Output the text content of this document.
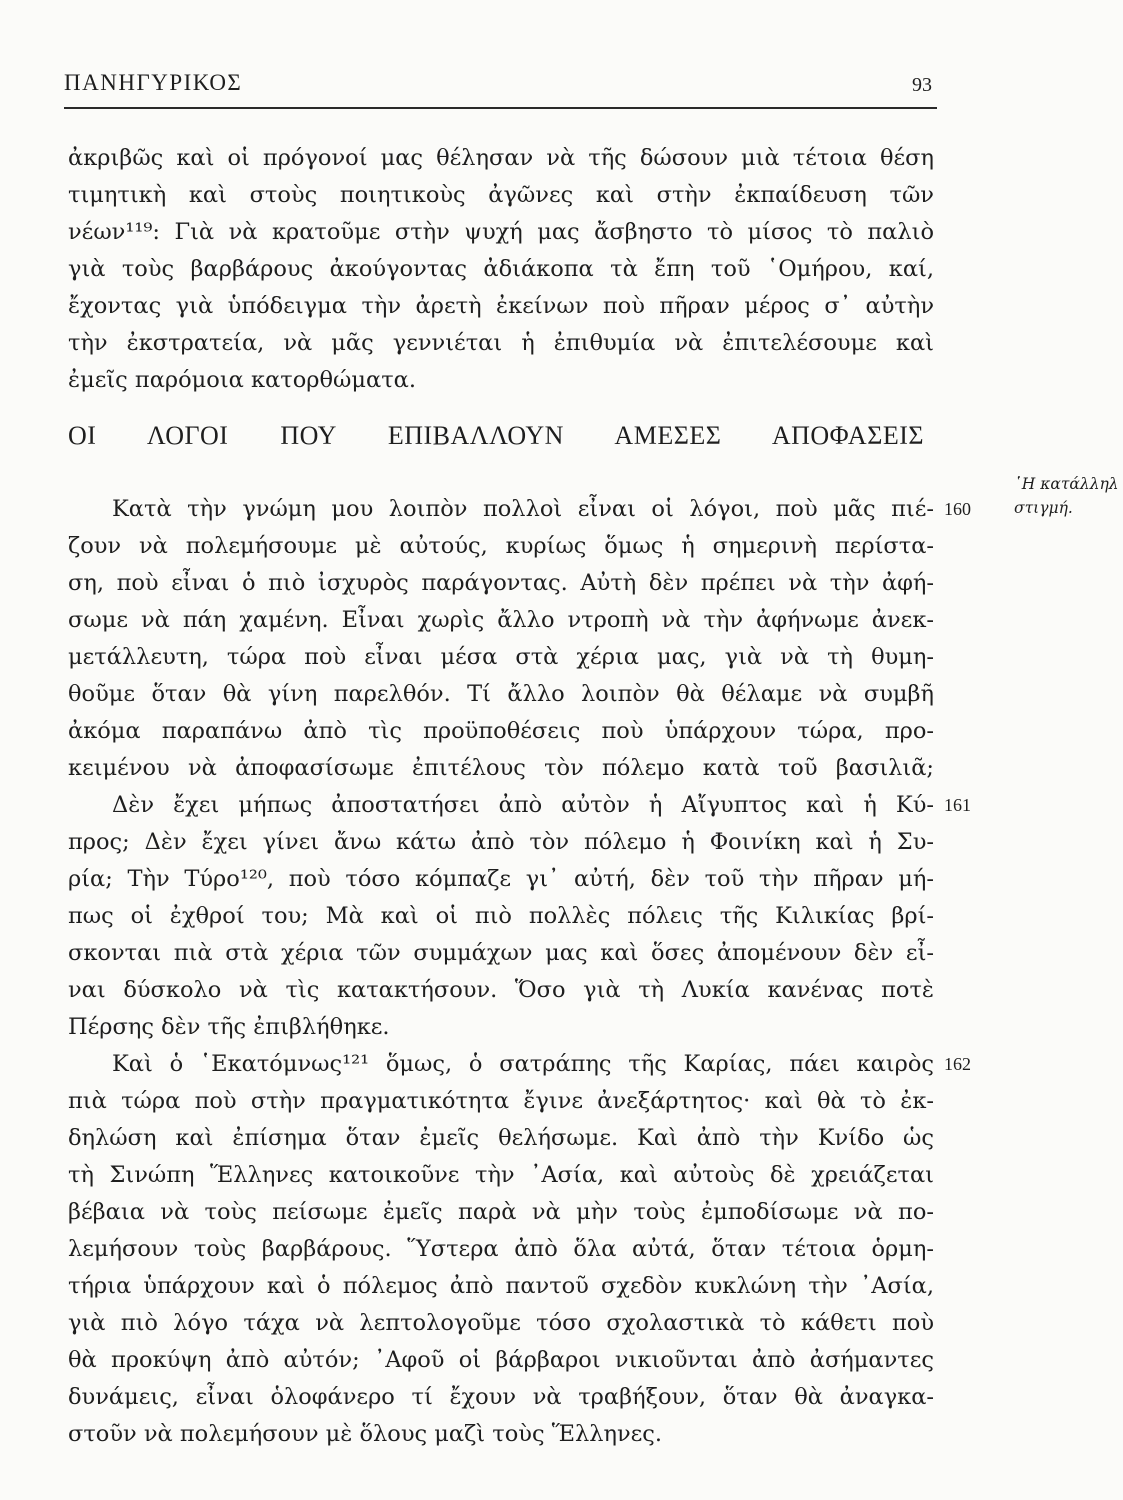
ΠΑΝΗΓΥΡΙΚΟΣ	93
ἀκριβῶς καὶ οἱ πρόγονοί μας θέλησαν νὰ τῆς δώσουν μιὰ τέτοια θέση
τιμητικὴ καὶ στοὺς ποιητικοὺς ἀγῶνες καὶ στὴν ἐκπαίδευση τῶν
νέων¹¹⁹: Γιὰ νὰ κρατοῦμε στὴν ψυχή μας ἄσβηστο τὸ μίσος τὸ παλιὸ
γιὰ τοὺς βαρβάρους ἀκούγοντας ἀδιάκοπα τὰ ἔπη τοῦ ῾Ομήρου, καί,
ἔχοντας γιὰ ὑπόδειγμα τὴν ἀρετὴ ἐκείνων ποὺ πῆραν μέρος σ᾽ αὐτὴν
τὴν ἐκστρατεία, νὰ μᾶς γεννιέται ἡ ἐπιθυμία νὰ ἐπιτελέσουμε καὶ
ἐμεῖς παρόμοια κατορθώματα.
ΟΙ ΛΟΓΟΙ ΠΟΥ ΕΠΙΒΑΛΛΟΥΝ ΑΜΕΣΕΣ ΑΠΟΦΑΣΕΙΣ
Κατὰ τὴν γνώμη μου λοιπὸν πολλοὶ εἶναι οἱ λόγοι, ποὺ μᾶς πιέ-
ζουν νὰ πολεμήσουμε μὲ αὐτούς, κυρίως ὅμως ἡ σημερινὴ περίστα-
ση, ποὺ εἶναι ὁ πιὸ ἰσχυρὸς παράγοντας. Αὐτὴ δὲν πρέπει νὰ τὴν ἀφή-
σωμε νὰ πάη χαμένη. Εἶναι χωρὶς ἄλλο ντροπὴ νὰ τὴν ἀφήνωμε ἀνεκ-
μετάλλευτη, τώρα ποὺ εἶναι μέσα στὰ χέρια μας, γιὰ νὰ τὴ θυμη-
θοῦμε ὅταν θὰ γίνη παρελθόν. Τί ἄλλο λοιπὸν θὰ θέλαμε νὰ συμβῆ
ἀκόμα παραπάνω ἀπὸ τὶς προϋποθέσεις ποὺ ὑπάρχουν τώρα, προ-
κειμένου νὰ ἀποφασίσωμε ἐπιτέλους τὸν πόλεμο κατὰ τοῦ βασιλιᾶ;
Δὲν ἔχει μήπως ἀποστατήσει ἀπὸ αὐτὸν ἡ Αἴγυπτος καὶ ἡ Κύ-
προς; Δὲν ἔχει γίνει ἄνω κάτω ἀπὸ τὸν πόλεμο ἡ Φοινίκη καὶ ἡ Συ-
ρία; Τὴν Τύρο¹²⁰, ποὺ τόσο κόμπαζε γι᾽ αὐτή, δὲν τοῦ τὴν πῆραν μή-
πως οἱ ἐχθροί του; Μὰ καὶ οἱ πιὸ πολλὲς πόλεις τῆς Κιλικίας βρί-
σκονται πιὰ στὰ χέρια τῶν συμμάχων μας καὶ ὅσες ἀπομένουν δὲν εἶ-
ναι δύσκολο νὰ τὶς κατακτήσουν. Ὅσο γιὰ τὴ Λυκία κανένας ποτὲ
Πέρσης δὲν τῆς ἐπιβλήθηκε.
Καὶ ὁ ῾Εκατόμνως¹²¹ ὅμως, ὁ σατράπης τῆς Καρίας, πάει καιρὸς
πιὰ τώρα ποὺ στὴν πραγματικότητα ἔγινε ἀνεξάρτητος· καὶ θὰ τὸ ἐκ-
δηλώση καὶ ἐπίσημα ὅταν ἐμεῖς θελήσωμε. Καὶ ἀπὸ τὴν Κνίδο ὡς
τὴ Σινώπη Ἕλληνες κατοικοῦνε τὴν ᾿Ασία, καὶ αὐτοὺς δὲ χρειάζεται
βέβαια νὰ τοὺς πείσωμε ἐμεῖς παρὰ νὰ μὴν τοὺς ἐμποδίσωμε νὰ πο-
λεμήσουν τοὺς βαρβάρους. Ὕστερα ἀπὸ ὅλα αὐτά, ὅταν τέτοια ὁρμη-
τήρια ὑπάρχουν καὶ ὁ πόλεμος ἀπὸ παντοῦ σχεδὸν κυκλώνη τὴν ᾿Ασία,
γιὰ πιὸ λόγο τάχα νὰ λεπτολογοῦμε τόσο σχολαστικὰ τὸ κάθετι ποὺ
θὰ προκύψη ἀπὸ αὐτόν; ᾿Αφοῦ οἱ βάρβαροι νικιοῦνται ἀπὸ ἀσήμαντες
δυνάμεις, εἶναι ὁλοφάνερο τί ἔχουν νὰ τραβήξουν, ὅταν θὰ ἀναγκα-
στοῦν νὰ πολεμήσουν μὲ ὅλους μαζὶ τοὺς Ἕλληνες.
160
161
162
῾Η κατάλληλ
στιγμή.
